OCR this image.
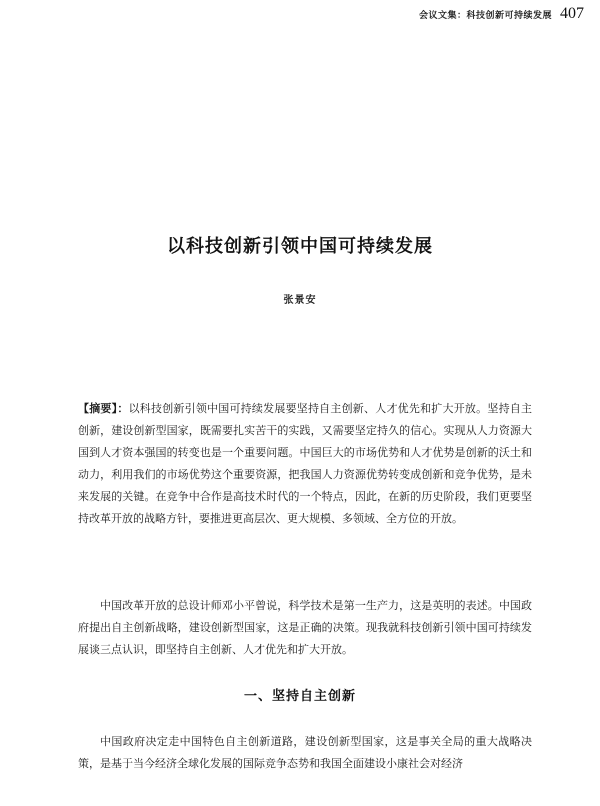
会议文集：科技创新可持续发展 407
以科技创新引领中国可持续发展
张景安

【摘要】：以科技创新引领中国可持续发展要坚持自主创新、人才优先和扩大开放。坚持自主创新，建设创新型国家，既需要扎实苦干的实践，又需要坚定持久的信心。实现从人力资源大国到人才资本强国的转变也是一个重要问题。中国巨大的市场优势和人才优势是创新的沃土和动力，利用我们的市场优势这个重要资源，把我国人力资源优势转变成创新和竞争优势，是未来发展的关键。在竞争中合作是高技术时代的一个特点，因此，在新的历史阶段，我们更要坚持改革开放的战略方针，要推进更高层次、更大规模、多领域、全方位的开放。

中国改革开放的总设计师邓小平曾说，科学技术是第一生产力，这是英明的表述。中国政府提出自主创新战略，建设创新型国家，这是正确的决策。现我就科技创新引领中国可持续发展谈三点认识，即坚持自主创新、人才优先和扩大开放。

一、坚持自主创新

中国政府决定走中国特色自主创新道路，建设创新型国家，这是事关全局的重大战略决策，是基于当今经济全球化发展的国际竞争态势和我国全面建设小康社会对经济
